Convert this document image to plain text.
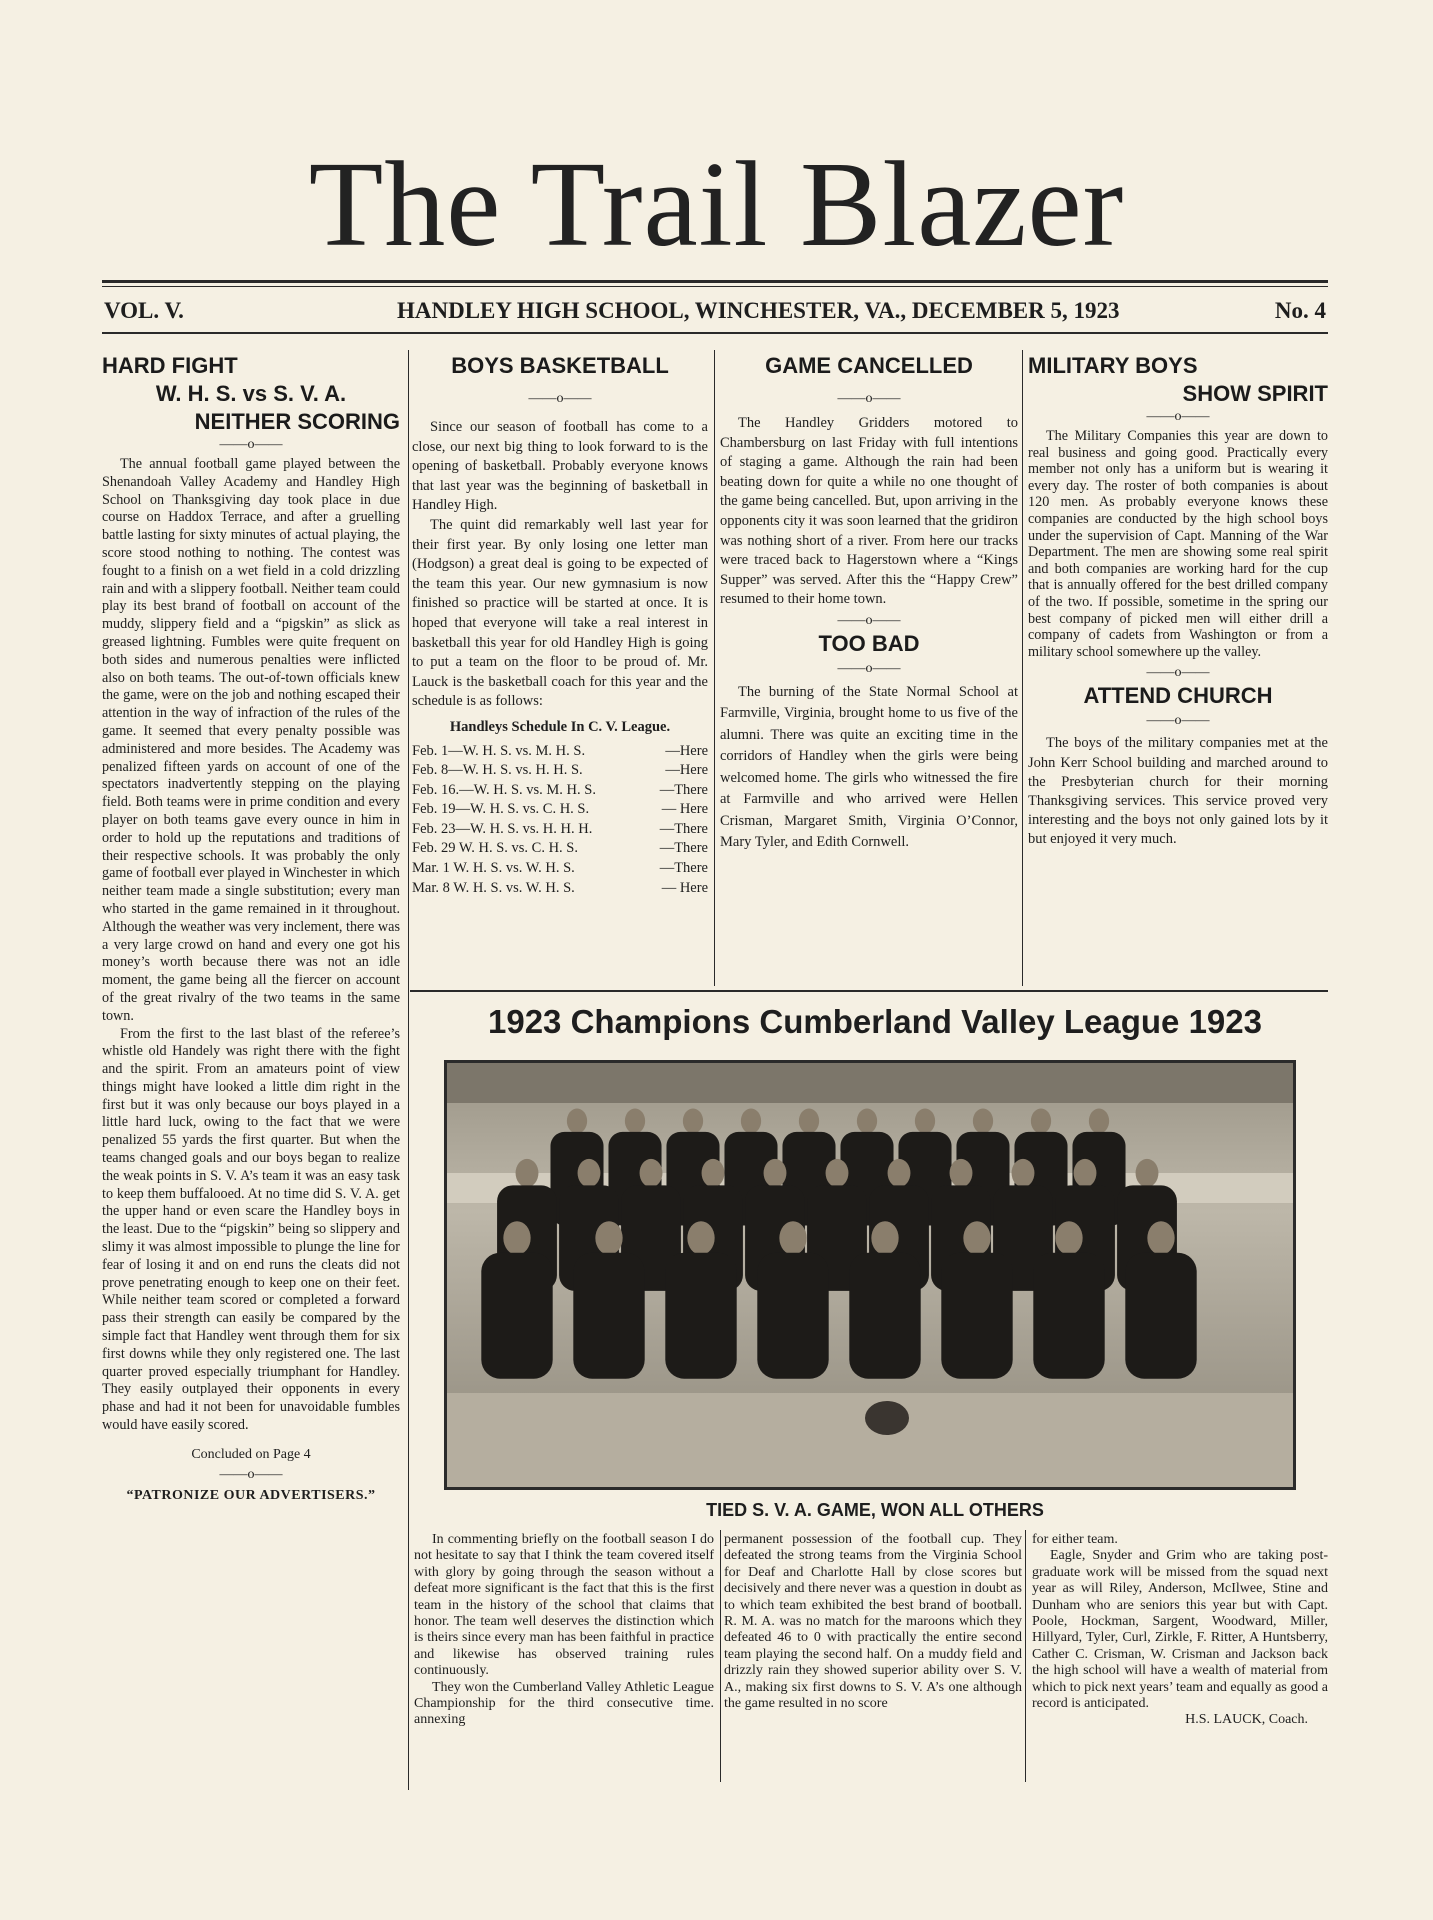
The Trail Blazer
VOL. V.	HANDLEY HIGH SCHOOL, WINCHESTER, VA., DECEMBER 5, 1923	No. 4
HARD FIGHT
W. H. S. vs S. V. A.
NEITHER SCORING
——o——

The annual football game played between the Shenandoah Valley Academy and Handley High School on Thanksgiving day took place in due course on Haddox Terrace, and after a gruelling battle lasting for sixty minutes of actual playing, the score stood nothing to nothing. The contest was fought to a finish on a wet field in a cold drizzling rain and with a slippery football. Neither team could play its best brand of football on account of the muddy, slippery field and a “pigskin” as slick as greased lightning. Fumbles were quite frequent on both sides and numerous penalties were inflicted also on both teams. The out-of-town officials knew the game, were on the job and nothing escaped their attention in the way of infraction of the rules of the game. It seemed that every penalty possible was administered and more besides. The Academy was penalized fifteen yards on account of one of the spectators inadvertently stepping on the playing field. Both teams were in prime condition and every player on both teams gave every ounce in him in order to hold up the reputations and traditions of their respective schools. It was probably the only game of football ever played in Winchester in which neither team made a single substitution; every man who started in the game remained in it throughout. Although the weather was very inclement, there was a very large crowd on hand and every one got his money’s worth because there was not an idle moment, the game being all the fiercer on account of the great rivalry of the two teams in the same town.

From the first to the last blast of the referee’s whistle old Handely was right there with the fight and the spirit. From an amateurs point of view things might have looked a little dim right in the first but it was only because our boys played in a little hard luck, owing to the fact that we were penalized 55 yards the first quarter. But when the teams changed goals and our boys began to realize the weak points in S. V. A’s team it was an easy task to keep them buffalooed. At no time did S. V. A. get the upper hand or even scare the Handley boys in the least. Due to the “pigskin” being so slippery and slimy it was almost impossible to plunge the line for fear of losing it and on end runs the cleats did not prove penetrating enough to keep one on their feet. While neither team scored or completed a forward pass their strength can easily be compared by the simple fact that Handley went through them for six first downs while they only registered one. The last quarter proved especially triumphant for Handley. They easily outplayed their opponents in every phase and had it not been for unavoidable fumbles would have easily scored.

Concluded on Page 4
——o——
“PATRONIZE OUR ADVERTISERS.”
BOYS BASKETBALL
——o——

Since our season of football has come to a close, our next big thing to look forward to is the opening of basketball. Probably everyone knows that last year was the beginning of basketball in Handley High.

The quint did remarkably well last year for their first year. By only losing one letter man (Hodgson) a great deal is going to be expected of the team this year. Our new gymnasium is now finished so practice will be started at once. It is hoped that everyone will take a real interest in basketball this year for old Handley High is going to put a team on the floor to be proud of. Mr. Lauck is the basketball coach for this year and the schedule is as follows:

Handleys Schedule In C. V. League.
Feb. 1—W. H. S. vs. M. H. S.	—Here
Feb. 8—W. H. S. vs. H. H. S.	—Here
Feb. 16.—W. H. S. vs. M. H. S.	—There
Feb. 19—W. H. S. vs. C. H. S.	— Here
Feb. 23—W. H. S. vs. H. H. H.	—There
Feb. 29 W. H. S. vs. C. H. S.	—There
Mar. 1 W. H. S. vs. W. H. S.	—There
Mar. 8 W. H. S. vs. W. H. S.	— Here
GAME CANCELLED
——o——

The Handley Gridders motored to Chambersburg on last Friday with full intentions of staging a game. Although the rain had been beating down for quite a while no one thought of the game being cancelled. But, upon arriving in the opponents city it was soon learned that the gridiron was nothing short of a river. From here our tracks were traced back to Hagerstown where a “Kings Supper” was served. After this the “Happy Crew” resumed to their home town.

——o——
TOO BAD
——o——

The burning of the State Normal School at Farmville, Virginia, brought home to us five of the alumni. There was quite an exciting time in the corridors of Handley when the girls were being welcomed home. The girls who witnessed the fire at Farmville and who arrived were Hellen Crisman, Margaret Smith, Virginia O’Connor, Mary Tyler, and Edith Cornwell.

MILITARY BOYS
SHOW SPIRIT
——o——

The Military Companies this year are down to real business and going good. Practically every member not only has a uniform but is wearing it every day. The roster of both companies is about 120 men. As probably everyone knows these companies are conducted by the high school boys under the supervision of Capt. Manning of the War Department. The men are showing some real spirit and both companies are working hard for the cup that is annually offered for the best drilled company of the two. If possible, sometime in the spring our best company of picked men will either drill a company of cadets from Washington or from a military school somewhere up the valley.

——o——
ATTEND CHURCH
——o——

The boys of the military companies met at the John Kerr School building and marched around to the Presbyterian church for their morning Thanksgiving services. This service proved very interesting and the boys not only gained lots by it but enjoyed it very much.

1923 Champions Cumberland Valley League 1923
TIED S. V. A. GAME, WON ALL OTHERS

In commenting briefly on the football season I do not hesitate to say that I think the team covered itself with glory by going through the season without a defeat more significant is the fact that this is the first team in the history of the school that claims that honor. The team well deserves the distinction which is theirs since every man has been faithful in practice and likewise has observed training rules continuously.

They won the Cumberland Valley Athletic League Championship for the third consecutive time. annexing

permanent possession of the football cup. They defeated the strong teams from the Virginia School for Deaf and Charlotte Hall by close scores but decisively and there never was a question in doubt as to which team exhibited the best brand of bootball. R. M. A. was no match for the maroons which they defeated 46 to 0 with practically the entire second team playing the second half. On a muddy field and drizzly rain they showed superior ability over S. V. A., making six first downs to S. V. A’s one although the game resulted in no score

for either team.

Eagle, Snyder and Grim who are taking post-graduate work will be missed from the squad next year as will Riley, Anderson, McIlwee, Stine and Dunham who are seniors this year but with Capt. Poole, Hockman, Sargent, Woodward, Miller, Hillyard, Tyler, Curl, Zirkle, F. Ritter, A Huntsberry, Cather C. Crisman, W. Crisman and Jackson back the high school will have a wealth of material from which to pick next years’ team and equally as good a record is anticipated.

H.S. LAUCK, Coach.
